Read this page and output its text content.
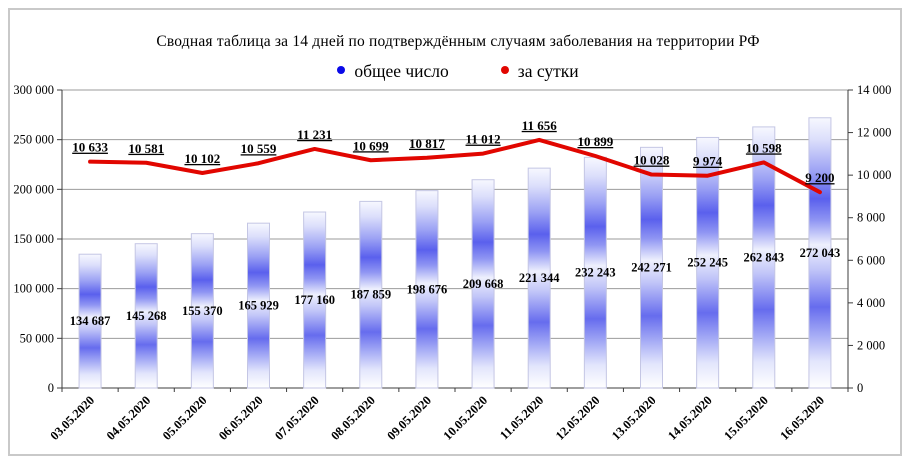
Сводная таблица за 14 дней по подтверждённым случаям заболевания на территории РФ
общее число	за сутки
300 000
250 000
200 000
150 000
100 000
50 000
0
14 000
12 000
10 000
8 000
6 000
4 000
2 000
0
134 687 145 268 155 370 165 929 177 160 187 859 198 676 209 668 221 344 232 243 242 271 252 245 262 843 272 043
10 633 10 581
10 102
10 559
11 231
10 699 10 817 11 012
11 656
10 899
10 028 9 974
10 598
9 200
03.05.2020 04.05.2020 05.05.2020 06.05.2020 07.05.2020 08.05.2020 09.05.2020 10.05.2020 11.05.2020 12.05.2020 13.05.2020 14.05.2020 15.05.2020 16.05.2020
